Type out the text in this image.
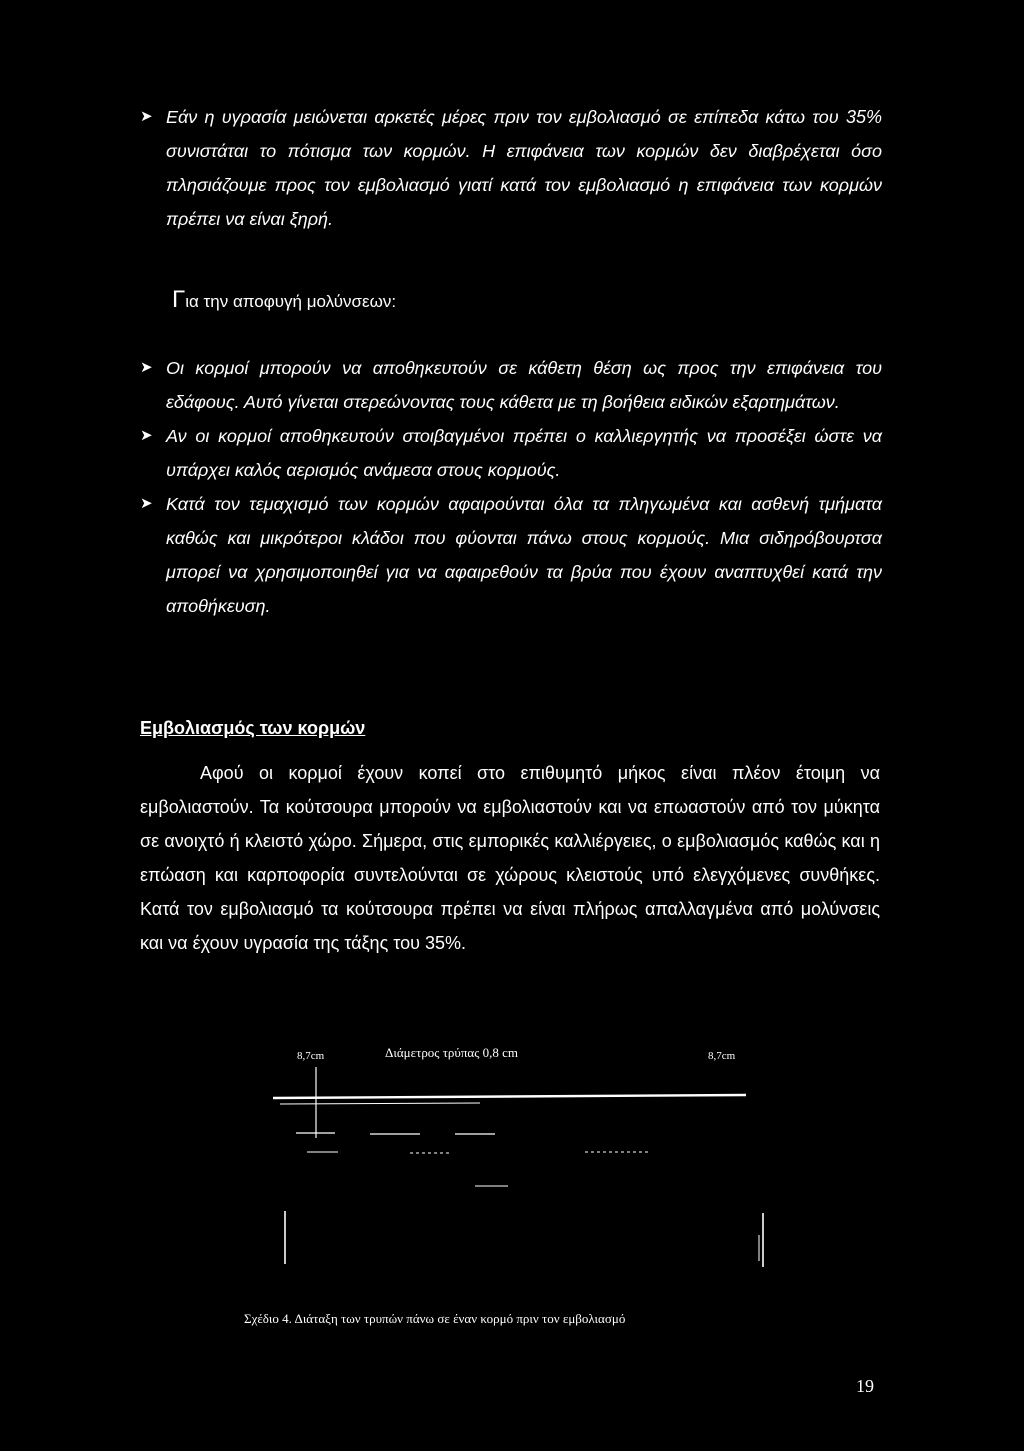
➤ Εάν η υγρασία μειώνεται αρκετές μέρες πριν τον εμβολιασμό σε επίπεδα κάτω του 35% συνιστάται το πότισμα των κορμών. Η επιφάνεια των κορμών δεν διαβρέχεται όσο πλησιάζουμε προς τον εμβολιασμό γιατί κατά τον εμβολιασμό η επιφάνεια των κορμών πρέπει να είναι ξηρή.

Για την αποφυγή μολύνσεων:

➤ Οι κορμοί μπορούν να αποθηκευτούν σε κάθετη θέση ως προς την επιφάνεια του εδάφους. Αυτό γίνεται στερεώνοντας τους κάθετα με τη βοήθεια ειδικών εξαρτημάτων.

➤ Αν οι κορμοί αποθηκευτούν στοιβαγμένοι πρέπει ο καλλιεργητής να προσέξει ώστε να υπάρχει καλός αερισμός ανάμεσα στους κορμούς.

➤ Κατά τον τεμαχισμό των κορμών αφαιρούνται όλα τα πληγωμένα και ασθενή τμήματα καθώς και μικρότεροι κλάδοι που φύονται πάνω στους κορμούς. Μια σιδηρόβουρτσα μπορεί να χρησιμοποιηθεί για να αφαιρεθούν τα βρύα που έχουν αναπτυχθεί κατά την αποθήκευση.

Εμβολιασμός των κορμών

Αφού οι κορμοί έχουν κοπεί στο επιθυμητό μήκος είναι πλέον έτοιμη να εμβολιαστούν. Τα κούτσουρα μπορούν να εμβολιαστούν και να επωαστούν από τον μύκητα σε ανοιχτό ή κλειστό χώρο. Σήμερα, στις εμπορικές καλλιέργειες, ο εμβολιασμός καθώς και η επώαση και καρποφορία συντελούνται σε χώρους κλειστούς υπό ελεγχόμενες συνθήκες. Κατά τον εμβολιασμό τα κούτσουρα πρέπει να είναι πλήρως απαλλαγμένα από μολύνσεις και να έχουν υγρασία της τάξης του 35%.

8,7cm	Διάμετρος τρύπας 0,8 cm	8,7cm

Σχέδιο 4. Διάταξη των τρυπών πάνω σε έναν κορμό πριν τον εμβολιασμό

19
